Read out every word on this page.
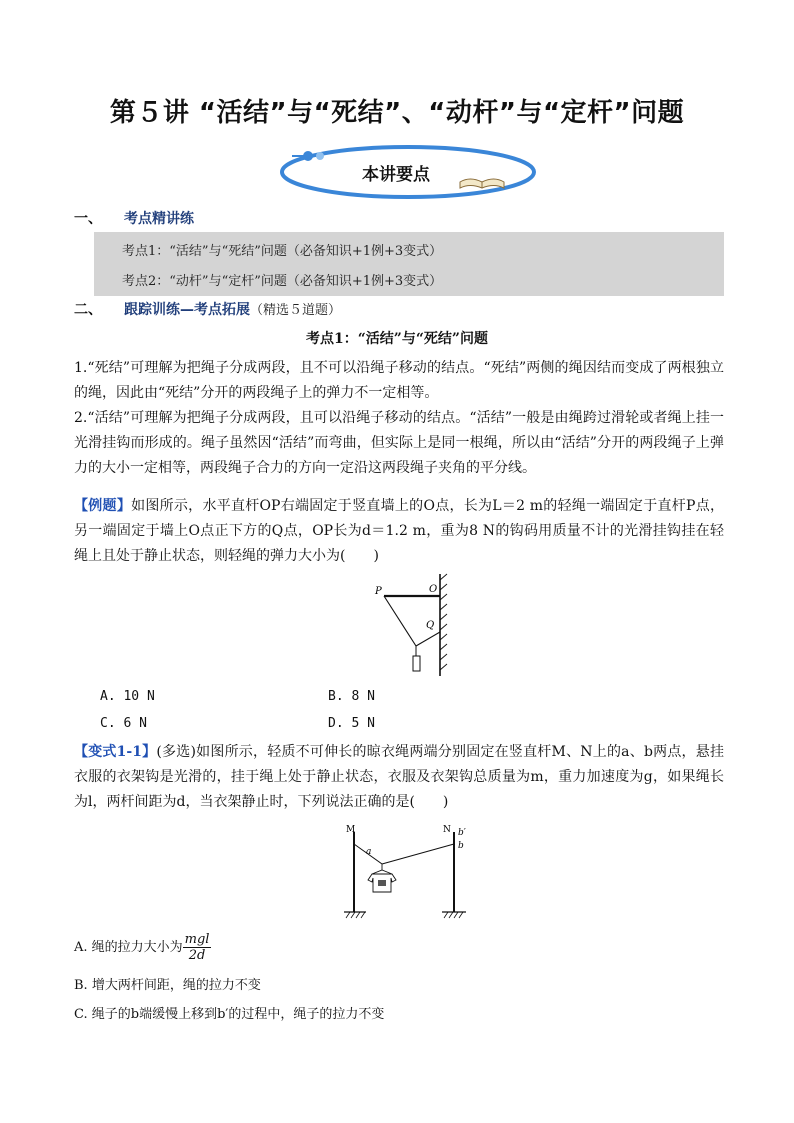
第５讲 “活结”与“死结”、“动杆”与“定杆”问题
本讲要点
一、 考点精讲练
考点1：“活结”与“死结”问题（必备知识+1例+3变式）
考点2：“动杆”与“定杆”问题（必备知识+1例+3变式）
二、 跟踪训练—考点拓展（精选５道题）
考点1：“活结”与“死结”问题

1.“死结”可理解为把绳子分成两段，且不可以沿绳子移动的结点。“死结”两侧的绳因结而变成了两根独立的绳，因此由“死结”分开的两段绳子上的弹力不一定相等。

2.“活结”可理解为把绳子分成两段，且可以沿绳子移动的结点。“活结”一般是由绳跨过滑轮或者绳上挂一光滑挂钩而形成的。绳子虽然因“活结”而弯曲，但实际上是同一根绳，所以由“活结”分开的两段绳子上弹力的大小一定相等，两段绳子合力的方向一定沿这两段绳子夹角的平分线。

【例题】如图所示，水平直杆OP右端固定于竖直墙上的O点，长为L＝2 m的轻绳一端固定于直杆P点，另一端固定于墙上O点正下方的Q点，OP长为d＝1.2 m，重为8 N的钩码用质量不计的光滑挂钩挂在轻绳上且处于静止状态，则轻绳的弹力大小为(　　)

P	O
Q
A. 10 N	B. 8 N
C. 6 N	D. 5 N

【变式1-1】(多选)如图所示，轻质不可伸长的晾衣绳两端分别固定在竖直杆M、N上的a、b两点，悬挂衣服的衣架钩是光滑的，挂于绳上处于静止状态，衣服及衣架钩总质量为m，重力加速度为g，如果绳长为l，两杆间距为d，当衣架静止时，下列说法正确的是(　　)

M	N
a
b′
b
A. 绳的拉力大小为 $\frac{\text{mgl}}{2d}$
B. 增大两杆间距，绳的拉力不变
C. 绳子的b端缓慢上移到b′的过程中，绳子的拉力不变
